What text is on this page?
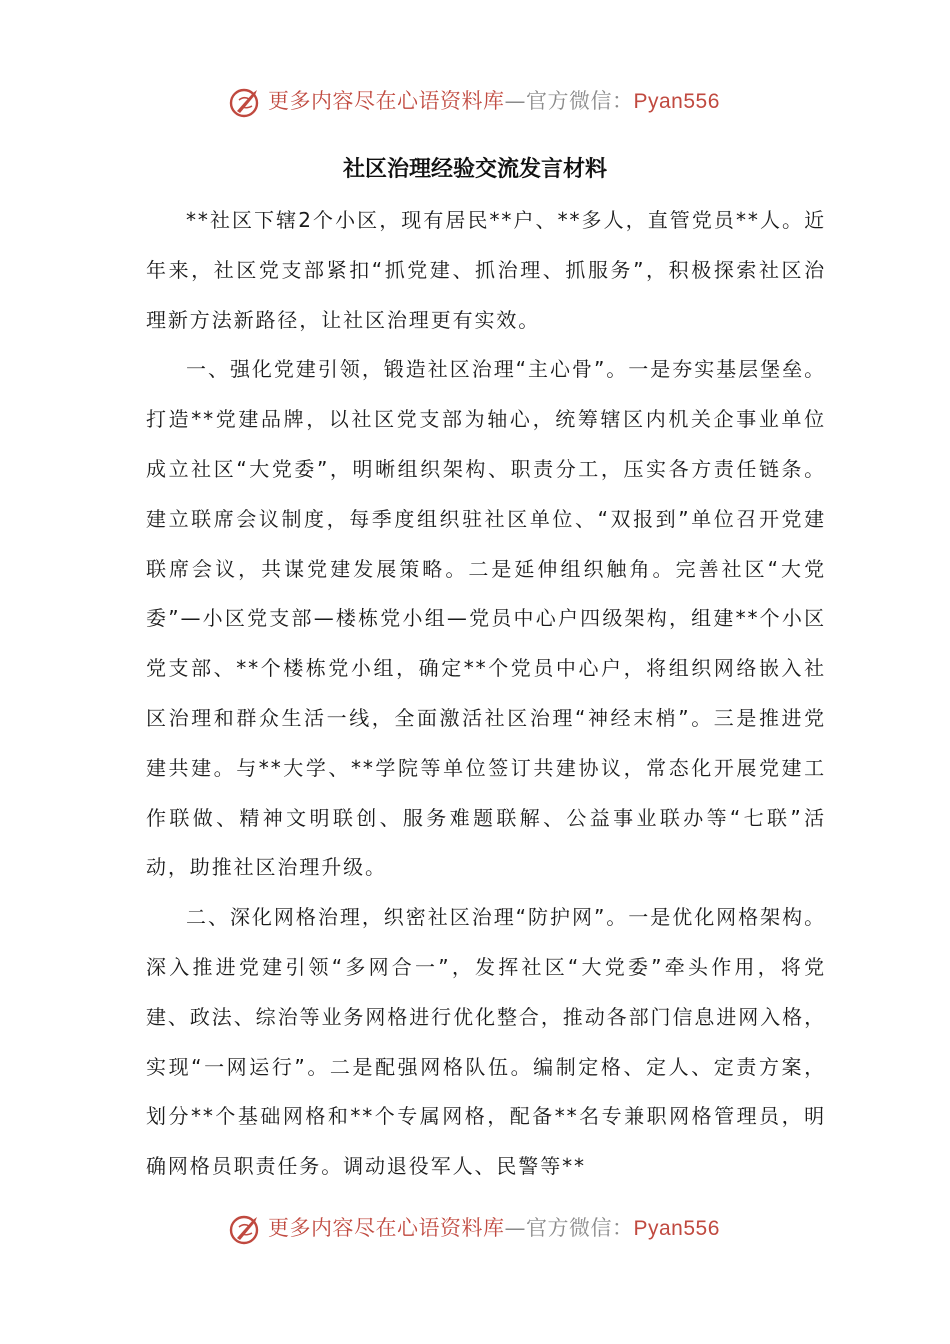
更多内容尽在心语资料库—官方微信：Pyan556
社区治理经验交流发言材料

**社区下辖2个小区，现有居民**户、**多人，直管党员**人。近年来，社区党支部紧扣“抓党建、抓治理、抓服务”，积极探索社区治理新方法新路径，让社区治理更有实效。

一、强化党建引领，锻造社区治理“主心骨”。一是夯实基层堡垒。打造**党建品牌，以社区党支部为轴心，统筹辖区内机关企事业单位成立社区“大党委”，明晰组织架构、职责分工，压实各方责任链条。建立联席会议制度，每季度组织驻社区单位、“双报到”单位召开党建联席会议，共谋党建发展策略。二是延伸组织触角。完善社区“大党委”—小区党支部—楼栋党小组—党员中心户四级架构，组建**个小区党支部、**个楼栋党小组，确定**个党员中心户，将组织网络嵌入社区治理和群众生活一线，全面激活社区治理“神经末梢”。三是推进党建共建。与**大学、**学院等单位签订共建协议，常态化开展党建工作联做、精神文明联创、服务难题联解、公益事业联办等“七联”活动，助推社区治理升级。

二、深化网格治理，织密社区治理“防护网”。一是优化网格架构。深入推进党建引领“多网合一”，发挥社区“大党委”牵头作用，将党建、政法、综治等业务网格进行优化整合，推动各部门信息进网入格，实现“一网运行”。二是配强网格队伍。编制定格、定人、定责方案，划分**个基础网格和**个专属网格，配备**名专兼职网格管理员，明确网格员职责任务。调动退役军人、民警等**

更多内容尽在心语资料库—官方微信：Pyan556
